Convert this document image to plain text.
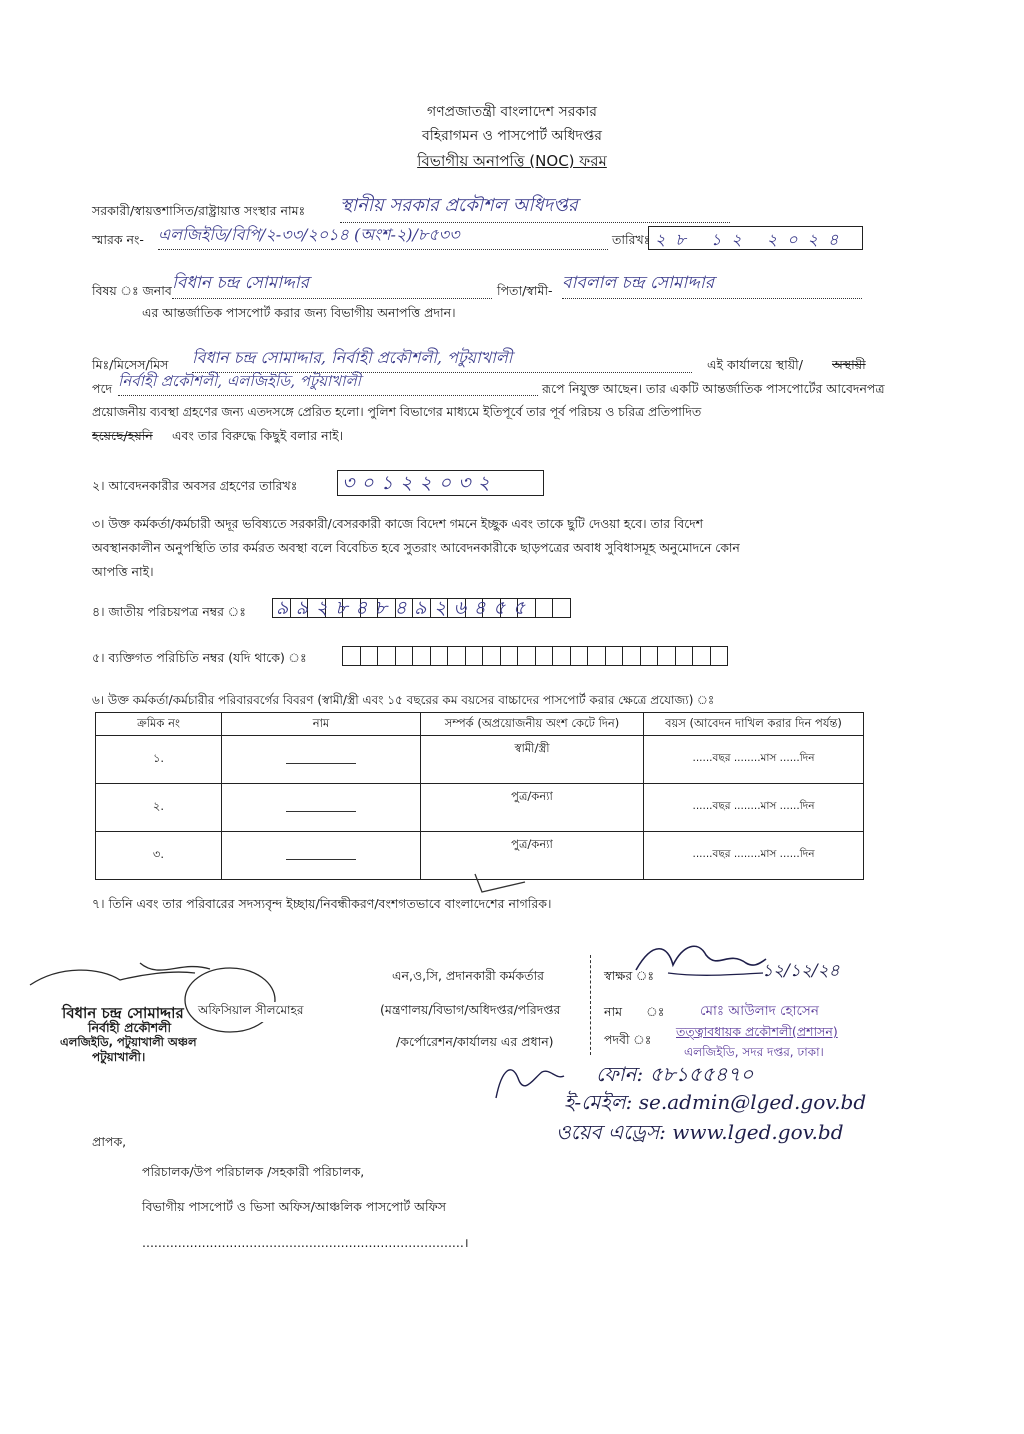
গণপ্রজাতন্ত্রী বাংলাদেশ সরকার
বহিরাগমন ও পাসপোর্ট অধিদপ্তর
বিভাগীয় অনাপত্তি (NOC) ফরম
সরকারী/স্বায়ত্তশাসিত/রাষ্ট্রায়াত্ত সংস্থার নামঃ স্থানীয় সরকার প্রকৌশল অধিদপ্তর
স্মারক নং- এলজিইডি/বিপি/২-৩৩/২০১৪ (অংশ-২)/৮৫৩৩	তারিখঃ ২৮ ১২ ২০২৪
বিষয় ঃ জনাব বিধান চন্দ্র সোমাদ্দার	পিতা/স্বামী- বাবলাল চন্দ্র সোমাদ্দার
এর আন্তর্জাতিক পাসপোর্ট করার জন্য বিভাগীয় অনাপত্তি প্রদান।
মিঃ/মিসেস/মিস বিধান চন্দ্র সোমাদ্দার, নির্বাহী প্রকৌশলী, পটুয়াখালী	এই কার্যালয়ে স্থায়ী/ অস্থায়ী
পদে নির্বাহী প্রকৌশলী, এলজিইডি, পটুয়াখালী	রূপে নিযুক্ত আছেন। তার একটি আন্তর্জাতিক পাসপোর্টের আবেদনপত্র
প্রয়োজনীয় ব্যবস্থা গ্রহণের জন্য এতদসঙ্গে প্রেরিত হলো। পুলিশ বিভাগের মাধ্যমে ইতিপূর্বে তার পূর্ব পরিচয় ও চরিত্র প্রতিপাদিত
হয়েছে/হয়নি এবং তার বিরুদ্ধে কিছুই বলার নাই।
২। আবেদনকারীর অবসর গ্রহণের তারিখঃ ৩০১২২০৩২
৩। উক্ত কর্মকর্তা/কর্মচারী অদূর ভবিষ্যতে সরকারী/বেসরকারী কাজে বিদেশ গমনে ইচ্ছুক এবং তাকে ছুটি দেওয়া হবে। তার বিদেশ
অবস্থানকালীন অনুপস্থিতি তার কর্মরত অবস্থা বলে বিবেচিত হবে সুতরাং আবেদনকারীকে ছাড়পত্রের অবাধ সুবিধাসমূহ অনুমোদনে কোন
আপত্তি নাই।
৪। জাতীয় পরিচয়পত্র নম্বর ঃ ৯৯২৮৪৮৪৯২৬৪৫৫
৫। ব্যক্তিগত পরিচিতি নম্বর (যদি থাকে) ঃ
৬। উক্ত কর্মকর্তা/কর্মচারীর পরিবারবর্গের বিবরণ (স্বামী/স্ত্রী এবং ১৫ বছরের কম বয়সের বাচ্চাদের পাসপোর্ট করার ক্ষেত্রে প্রযোজ্য) ঃ
ক্রমিক নং	নাম	সম্পর্ক (অপ্রয়োজনীয় অংশ কেটে দিন)	বয়স (আবেদন দাখিল করার দিন পর্যন্ত)
১.		স্বামী/স্ত্রী	......বছর ........মাস ......দিন
২.		পুত্র/কন্যা	......বছর ........মাস ......দিন
৩.		পুত্র/কন্যা	......বছর ........মাস ......দিন
৭। তিনি এবং তার পরিবারের সদস্যবৃন্দ ইচ্ছায়/নিবন্ধীকরণ/বংশগতভাবে বাংলাদেশের নাগরিক।
বিধান চন্দ্র সোমাদ্দার অফিসিয়াল সীলমোহর
নির্বাহী প্রকৌশলী
এলজিইডি, পটুয়াখালী অঞ্চল
পটুয়াখালী।
এন,ও,সি, প্রদানকারী কর্মকর্তার
(মন্ত্রণালয়/বিভাগ/অধিদপ্তর/পরিদপ্তর
/কর্পোরেশন/কার্যালয় এর প্রধান)
স্বাক্ষর ঃ	১২/১২/২৪
নাম ঃ	মোঃ আউলাদ হোসেন
পদবী ঃ
তত্ত্বাবধায়ক প্রকৌশলী(প্রশাসন)
এলজিইডি, সদর দপ্তর, ঢাকা।
ফোন: ৫৮১৫৫৪৭০
ই-মেইল: se.admin@lged.gov.bd
ওয়েব এড্রেস: www.lged.gov.bd
প্রাপক,
পরিচালক/উপ পরিচালক /সহকারী পরিচালক,
বিভাগীয় পাসপোর্ট ও ভিসা অফিস/আঞ্চলিক পাসপোর্ট অফিস
.................................................................................।
